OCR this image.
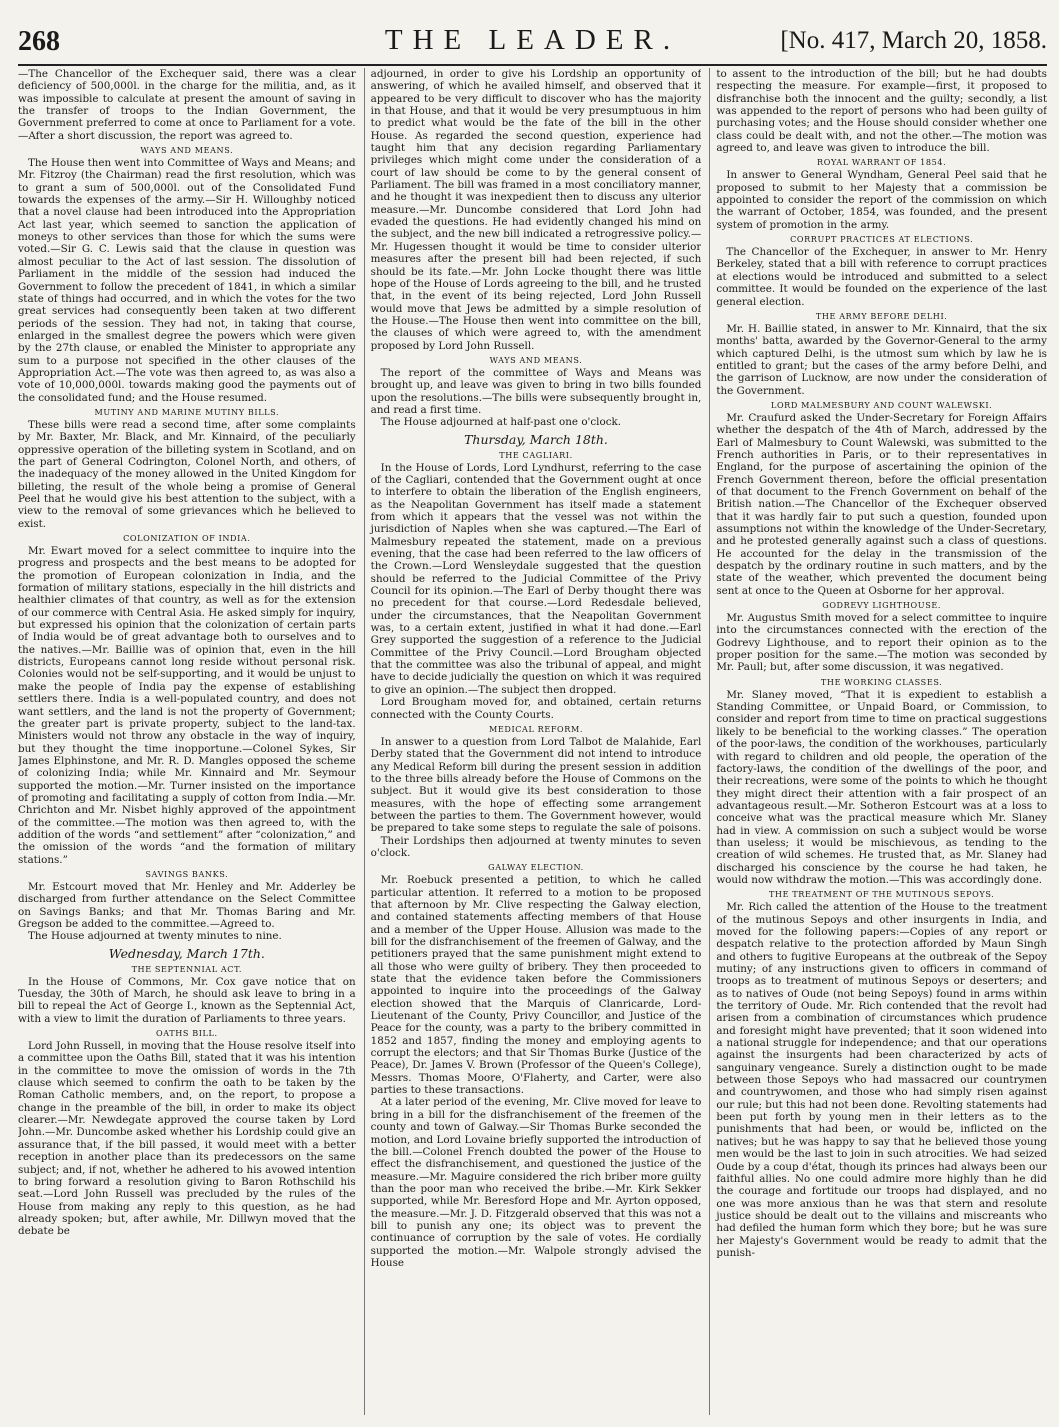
268	THE LEADER.	[No. 417, March 20, 1858.

—The Chancellor of the Exchequer said, there was a clear deficiency of 500,000l. in the charge for the militia, and, as it was impossible to calculate at present the amount of saving in the transfer of troops to the Indian Government, the Government preferred to come at once to Parliament for a vote.—After a short discussion, the report was agreed to.

WAYS AND MEANS.

The House then went into Committee of Ways and Means; and Mr. Fitzroy (the Chairman) read the first resolution, which was to grant a sum of 500,000l. out of the Consolidated Fund towards the expenses of the army.—Sir H. Willoughby noticed that a novel clause had been introduced into the Appropriation Act last year, which seemed to sanction the application of moneys to other services than those for which the sums were voted.—Sir G. C. Lewis said that the clause in question was almost peculiar to the Act of last session. The dissolution of Parliament in the middle of the session had induced the Government to follow the precedent of 1841, in which a similar state of things had occurred, and in which the votes for the two great services had consequently been taken at two different periods of the session. They had not, in taking that course, enlarged in the smallest degree the powers which were given by the 27th clause, or enabled the Minister to appropriate any sum to a purpose not specified in the other clauses of the Appropriation Act.—The vote was then agreed to, as was also a vote of 10,000,000l. towards making good the payments out of the consolidated fund; and the House resumed.

MUTINY AND MARINE MUTINY BILLS.

These bills were read a second time, after some complaints by Mr. Baxter, Mr. Black, and Mr. Kinnaird, of the peculiarly oppressive operation of the billeting system in Scotland, and on the part of General Codrington, Colonel North, and others, of the inadequacy of the money allowed in the United Kingdom for billeting, the result of the whole being a promise of General Peel that he would give his best attention to the subject, with a view to the removal of some grievances which he believed to exist.

COLONIZATION OF INDIA.

Mr. Ewart moved for a select committee to inquire into the progress and prospects and the best means to be adopted for the promotion of European colonization in India, and the formation of military stations, especially in the hill districts and healthier climates of that country, as well as for the extension of our commerce with Central Asia. He asked simply for inquiry, but expressed his opinion that the colonization of certain parts of India would be of great advantage both to ourselves and to the natives.—Mr. Baillie was of opinion that, even in the hill districts, Europeans cannot long reside without personal risk. Colonies would not be self-supporting, and it would be unjust to make the people of India pay the expense of establishing settlers there. India is a well-populated country, and does not want settlers, and the land is not the property of Government; the greater part is private property, subject to the land-tax. Ministers would not throw any obstacle in the way of inquiry, but they thought the time inopportune.—Colonel Sykes, Sir James Elphinstone, and Mr. R. D. Mangles opposed the scheme of colonizing India; while Mr. Kinnaird and Mr. Seymour supported the motion.—Mr. Turner insisted on the importance of promoting and facilitating a supply of cotton from India.—Mr. Chrichton and Mr. Nisbet highly approved of the appointment of the committee.—The motion was then agreed to, with the addition of the words “and settlement” after “colonization,” and the omission of the words “and the formation of military stations.”

SAVINGS BANKS.

Mr. Estcourt moved that Mr. Henley and Mr. Adderley be discharged from further attendance on the Select Committee on Savings Banks; and that Mr. Thomas Baring and Mr. Gregson be added to the committee.—Agreed to.

The House adjourned at twenty minutes to nine.

Wednesday, March 17th.
THE SEPTENNIAL ACT.

In the House of Commons, Mr. Cox gave notice that on Tuesday, the 30th of March, he should ask leave to bring in a bill to repeal the Act of George I., known as the Septennial Act, with a view to limit the duration of Parliaments to three years.

OATHS BILL.

Lord John Russell, in moving that the House resolve itself into a committee upon the Oaths Bill, stated that it was his intention in the committee to move the omission of words in the 7th clause which seemed to confirm the oath to be taken by the Roman Catholic members, and, on the report, to propose a change in the preamble of the bill, in order to make its object clearer.—Mr. Newdegate approved the course taken by Lord John.—Mr. Duncombe asked whether his Lordship could give an assurance that, if the bill passed, it would meet with a better reception in another place than its predecessors on the same subject; and, if not, whether he adhered to his avowed intention to bring forward a resolution giving to Baron Rothschild his seat.—Lord John Russell was precluded by the rules of the House from making any reply to this question, as he had already spoken; but, after awhile, Mr. Dillwyn moved that the debate be

adjourned, in order to give his Lordship an opportunity of answering, of which he availed himself, and observed that it appeared to be very difficult to discover who has the majority in that House, and that it would be very presumptuous in him to predict what would be the fate of the bill in the other House. As regarded the second question, experience had taught him that any decision regarding Parliamentary privileges which might come under the consideration of a court of law should be come to by the general consent of Parliament. The bill was framed in a most conciliatory manner, and he thought it was inexpedient then to discuss any ulterior measure.—Mr. Duncombe considered that Lord John had evaded the questions. He had evidently changed his mind on the subject, and the new bill indicated a retrogressive policy.—Mr. Hugessen thought it would be time to consider ulterior measures after the present bill had been rejected, if such should be its fate.—Mr. John Locke thought there was little hope of the House of Lords agreeing to the bill, and he trusted that, in the event of its being rejected, Lord John Russell would move that Jews be admitted by a simple resolution of the House.—The House then went into committee on the bill, the clauses of which were agreed to, with the amendment proposed by Lord John Russell.

WAYS AND MEANS.

The report of the committee of Ways and Means was brought up, and leave was given to bring in two bills founded upon the resolutions.—The bills were subsequently brought in, and read a first time.

The House adjourned at half-past one o'clock.

Thursday, March 18th.
THE CAGLIARI.

In the House of Lords, Lord Lyndhurst, referring to the case of the Cagliari, contended that the Government ought at once to interfere to obtain the liberation of the English engineers, as the Neapolitan Government has itself made a statement from which it appears that the vessel was not within the jurisdiction of Naples when she was captured.—The Earl of Malmesbury repeated the statement, made on a previous evening, that the case had been referred to the law officers of the Crown.—Lord Wensleydale suggested that the question should be referred to the Judicial Committee of the Privy Council for its opinion.—The Earl of Derby thought there was no precedent for that course.—Lord Redesdale believed, under the circumstances, that the Neapolitan Government was, to a certain extent, justified in what it had done.—Earl Grey supported the suggestion of a reference to the Judicial Committee of the Privy Council.—Lord Brougham objected that the committee was also the tribunal of appeal, and might have to decide judicially the question on which it was required to give an opinion.—The subject then dropped.

Lord Brougham moved for, and obtained, certain returns connected with the County Courts.

MEDICAL REFORM.

In answer to a question from Lord Talbot de Malahide, Earl Derby stated that the Government did not intend to introduce any Medical Reform bill during the present session in addition to the three bills already before the House of Commons on the subject. But it would give its best consideration to those measures, with the hope of effecting some arrangement between the parties to them. The Government however, would be prepared to take some steps to regulate the sale of poisons.

Their Lordships then adjourned at twenty minutes to seven o'clock.

GALWAY ELECTION.

Mr. Roebuck presented a petition, to which he called particular attention. It referred to a motion to be proposed that afternoon by Mr. Clive respecting the Galway election, and contained statements affecting members of that House and a member of the Upper House. Allusion was made to the bill for the disfranchisement of the freemen of Galway, and the petitioners prayed that the same punishment might extend to all those who were guilty of bribery. They then proceeded to state that the evidence taken before the Commissioners appointed to inquire into the proceedings of the Galway election showed that the Marquis of Clanricarde, Lord-Lieutenant of the County, Privy Councillor, and Justice of the Peace for the county, was a party to the bribery committed in 1852 and 1857, finding the money and employing agents to corrupt the electors; and that Sir Thomas Burke (Justice of the Peace), Dr. James V. Brown (Professor of the Queen's College), Messrs. Thomas Moore, O'Flaherty, and Carter, were also parties to these transactions.

At a later period of the evening, Mr. Clive moved for leave to bring in a bill for the disfranchisement of the freemen of the county and town of Galway.—Sir Thomas Burke seconded the motion, and Lord Lovaine briefly supported the introduction of the bill.—Colonel French doubted the power of the House to effect the disfranchisement, and questioned the justice of the measure.—Mr. Maguire considered the rich briber more guilty than the poor man who received the bribe.—Mr. Kirk Sekker supported, while Mr. Beresford Hope and Mr. Ayrton opposed, the measure.—Mr. J. D. Fitzgerald observed that this was not a bill to punish any one; its object was to prevent the continuance of corruption by the sale of votes. He cordially supported the motion.—Mr. Walpole strongly advised the House

to assent to the introduction of the bill; but he had doubts respecting the measure. For example—first, it proposed to disfranchise both the innocent and the guilty; secondly, a list was appended to the report of persons who had been guilty of purchasing votes; and the House should consider whether one class could be dealt with, and not the other.—The motion was agreed to, and leave was given to introduce the bill.

ROYAL WARRANT OF 1854.

In answer to General Wyndham, General Peel said that he proposed to submit to her Majesty that a commission be appointed to consider the report of the commission on which the warrant of October, 1854, was founded, and the present system of promotion in the army.

CORRUPT PRACTICES AT ELECTIONS.

The Chancellor of the Exchequer, in answer to Mr. Henry Berkeley, stated that a bill with reference to corrupt practices at elections would be introduced and submitted to a select committee. It would be founded on the experience of the last general election.

THE ARMY BEFORE DELHI.

Mr. H. Baillie stated, in answer to Mr. Kinnaird, that the six months' batta, awarded by the Governor-General to the army which captured Delhi, is the utmost sum which by law he is entitled to grant; but the cases of the army before Delhi, and the garrison of Lucknow, are now under the consideration of the Government.

LORD MALMESBURY AND COUNT WALEWSKI.

Mr. Craufurd asked the Under-Secretary for Foreign Affairs whether the despatch of the 4th of March, addressed by the Earl of Malmesbury to Count Walewski, was submitted to the French authorities in Paris, or to their representatives in England, for the purpose of ascertaining the opinion of the French Government thereon, before the official presentation of that document to the French Government on behalf of the British nation.—The Chancellor of the Exchequer observed that it was hardly fair to put such a question, founded upon assumptions not within the knowledge of the Under-Secretary, and he protested generally against such a class of questions. He accounted for the delay in the transmission of the despatch by the ordinary routine in such matters, and by the state of the weather, which prevented the document being sent at once to the Queen at Osborne for her approval.

GODREVY LIGHTHOUSE.

Mr. Augustus Smith moved for a select committee to inquire into the circumstances connected with the erection of the Godrevy Lighthouse, and to report their opinion as to the proper position for the same.—The motion was seconded by Mr. Paull; but, after some discussion, it was negatived.

THE WORKING CLASSES.

Mr. Slaney moved, “That it is expedient to establish a Standing Committee, or Unpaid Board, or Commission, to consider and report from time to time on practical suggestions likely to be beneficial to the working classes.” The operation of the poor-laws, the condition of the workhouses, particularly with regard to children and old people, the operation of the factory-laws, the condition of the dwellings of the poor, and their recreations, were some of the points to which he thought they might direct their attention with a fair prospect of an advantageous result.—Mr. Sotheron Estcourt was at a loss to conceive what was the practical measure which Mr. Slaney had in view. A commission on such a subject would be worse than useless; it would be mischievous, as tending to the creation of wild schemes. He trusted that, as Mr. Slaney had discharged his conscience by the course he had taken, he would now withdraw the motion.—This was accordingly done.

THE TREATMENT OF THE MUTINOUS SEPOYS.

Mr. Rich called the attention of the House to the treatment of the mutinous Sepoys and other insurgents in India, and moved for the following papers:—Copies of any report or despatch relative to the protection afforded by Maun Singh and others to fugitive Europeans at the outbreak of the Sepoy mutiny; of any instructions given to officers in command of troops as to treatment of mutinous Sepoys or deserters; and as to natives of Oude (not being Sepoys) found in arms within the territory of Oude. Mr. Rich contended that the revolt had arisen from a combination of circumstances which prudence and foresight might have prevented; that it soon widened into a national struggle for independence; and that our operations against the insurgents had been characterized by acts of sanguinary vengeance. Surely a distinction ought to be made between those Sepoys who had massacred our countrymen and countrywomen, and those who had simply risen against our rule; but this had not been done. Revolting statements had been put forth by young men in their letters as to the punishments that had been, or would be, inflicted on the natives; but he was happy to say that he believed those young men would be the last to join in such atrocities. We had seized Oude by a coup d'état, though its princes had always been our faithful allies. No one could admire more highly than he did the courage and fortitude our troops had displayed, and no one was more anxious than he was that stern and resolute justice should be dealt out to the villains and miscreants who had defiled the human form which they bore; but he was sure her Majesty's Government would be ready to admit that the punish-
